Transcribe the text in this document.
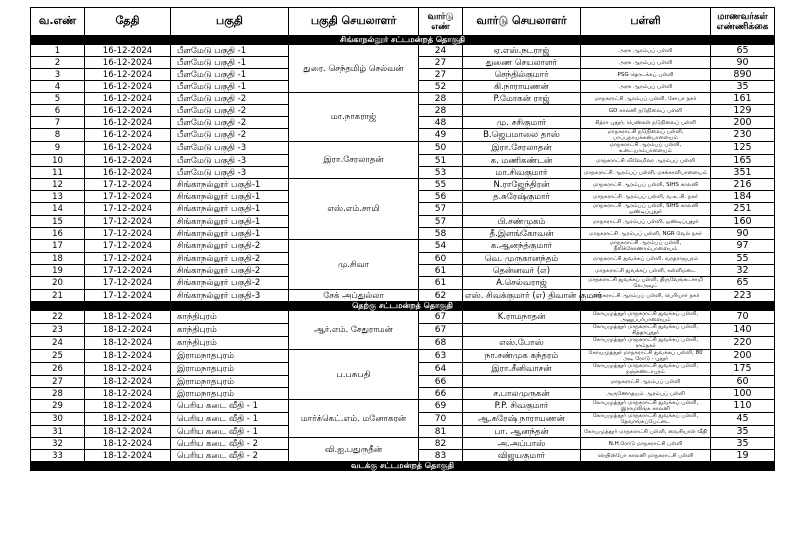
வ.எண்	தேதி	பகுதி	பகுதி செயலாளர்	வார்டு எண்	வார்டு செயலாளர்	பள்ளி	மாணவர்கள் எண்ணிக்கை
சிங்காநல்லூர் சட்டமன்றத் தொகுதி							
1	16-12-2024	பீளமேடு பகுதி -1	துரை. செந்தமிழ் செல்வன்	24	ஏ.எஸ்.நடராஜ்	அரசு ஆரம்பப் பள்ளி	65
2	16-12-2024	பீளமேடு பகுதி -1		27	துணை செயலாளர்	அரசு ஆரம்பப் பள்ளி	90
3	16-12-2024	பீளமேடு பகுதி -1		27	செந்தில்குமார்	PSG தொடக்கப் பள்ளி	890
4	16-12-2024	பீளமேடு பகுதி -1		52	கி.நாராயணன்	அரசு ஆரம்பப் பள்ளி	35
5	16-12-2024	பீளமேடு பகுதி -2	மா.நாகராஜ்	28	P.மோகன் ராஜ்	மாநகராட்சி ஆரம்பப் பள்ளி, சோபா நகர்	161
6	16-12-2024	பீளமேடு பகுதி -2		28		GD காலனி நடுநிலைப் பள்ளி	129
7	16-12-2024	பீளமேடு பகுதி -2		48	மு. சசிகுமார்	சித்ரா புதூர், பெண்கள் நடுநிலைப் பள்ளி	200
8	16-12-2024	பீளமேடு பகுதி -2		49	B.ஜெபமாலை தாஸ்	மாநகராட்சி நடுநிலைப் பள்ளி, பாப்பநாயக்கன்பாளையம்	230
9	16-12-2024	பீளமேடு பகுதி -3	இரா.சேரலாதன்	50	இரா.சேரலாதன்	மாநகராட்சி ஆரம்பப் பள்ளி, உடையாம்பாளையம்	125
10	16-12-2024	பீளமேடு பகுதி -3		51	க. மணிகண்டன்	மாநகராட்சி விலேமிலர ஆரம்பப் பள்ளி	165
11	16-12-2024	பீளமேடு பகுதி -3		53	மா.சிவகுமார்	மாநகராட்சி ஆரம்பப் பள்ளி, மசக்காளிபாளையம்	351
12	17-12-2024	சிங்காநல்லூர் பகுதி-1	எஸ்.எம்.சாமி	55	N.ராஜேந்திரன்	மாநகராட்சி ஆரம்பப் பள்ளி, SIHS காலனி	216
13	17-12-2024	சிங்காநல்லூர் பகுதி-1		56	த.சுரேஷ்குமார்	மாநகராட்சி ஆரம்பப் பள்ளி, வ.உ.சி. நகர்	184
14	17-12-2024	சிங்காநல்லூர் பகுதி-1		57		மாநகராட்சி ஆரம்பப் பள்ளி, SIHS காலனி ஒண்டிப்புதூர்	251
15	17-12-2024	சிங்காநல்லூர் பகுதி-1		57	பி.சண்முகம்	மாநகராட்சி ஆரம்பப் பள்ளி, ஒண்டிப்புதூர்	160
16	17-12-2024	சிங்காநல்லூர் பகுதி-1		58	தீ.இளங்கோவன்	மாநகராட்சி ஆரம்பப் பள்ளி, NGR வேல் நகர்	90
17	17-12-2024	சிங்காநல்லூர் பகுதி-2	மு.சிவா	54	க.ஆனந்த்குமார்	மாநகராட்சி ஆரம்பப் பள்ளி, நீலிக்கோணாம்பாளையம்	97
18	17-12-2024	சிங்காநல்லூர் பகுதி-2		60	வெ. முருகானந்தம்	மாநகராட்சி துவக்கப் பள்ளி, வரதராஜபுரம்	55
19	17-12-2024	சிங்காநல்லூர் பகுதி-2		61	தென்னவர் (எ)	மாநகராட்சி துவக்கப் பள்ளி, கள்ளிமடை	32
20	17-12-2024	சிங்காநல்லூர் பகுதி-2		61	A.செல்வராஜ்	மாநகராட்சி துவக்கப் பள்ளி, திருவேங்கடசாமி லேஅவுட்	65
21	17-12-2024	சிங்காநல்லூர் பகுதி-3	சேக் அப்துல்லா	62	எஸ். சிவக்குமார் (எ) திவான் குமார்	மாநகராட்சி ஆரம்பப் பள்ளி, பெரியார் நகர்	223
தெற்கு சட்டமன்றத் தொகுதி							
22	18-12-2024	காந்திபுரம்	ஆர்.எம். சேதுராமன்	67	K.ராமநாதன்	கோயமுத்தூர் மாநகராட்சி துவக்கப் பள்ளி, அனுப்பர்பாளையம்	70
23	18-12-2024	காந்திபுரம்		67		கோயமுத்தூர் மாநகராட்சி துவக்கப் பள்ளி, சித்தாபுதூர்	140
24	18-12-2024	காந்திபுரம்		68	எஸ்.போஸ்	கோயமுத்தூர் மாநகராட்சி துவக்கப் பள்ளி, ராம்நகர்	220
25	18-12-2024	இராமநாதபுரம்	ப.பசுபதி	63	நா.சண்முக சுந்தரம்	கோயமுத்தூர் மாநகராட்சி துவக்கப் பள்ளி, 80 அடி ரோடு - புதூர்	200
26	18-12-2024	இராமநாதபுரம்		64	இரா.சீனிவாசன்	கோயமுத்தூர் மாநகராட்சி துவக்கப் பள்ளி, நஞ்சுண்டாபுரம்	175
27	18-12-2024	இராமநாதபுரம்		66		மாநகராட்சி ஆரம்பப் பள்ளி	60
28	18-12-2024	இராமநாதபுரம்		66	ச.பாலமுருகன்	அருணோதயம் ஆரம்பப் பள்ளி	100
29	18-12-2024	பெரிய கடை வீதி - 1	மார்க்கெட்.எம். மனோகரன்	69	P.P. சிவகுமார்	கோயமுத்தூர் மாநகராட்சி துவக்கப் பள்ளி, இராமலிங்க காலனி	110
30	18-12-2024	பெரிய கடை வீதி - 1		70	ஆ.சுரேஷ் நாராயணன்	கோயமுத்தூர் மாநகராட்சி துவக்கப் பள்ளி, தேவாங்கப்பேட்டை	45
31	18-12-2024	பெரிய கடை வீதி - 1		81	பா. ஆனந்தன்	கோயமுத்தூர் மாநகராட்சி பள்ளி, வைசியாள் வீதி	35
32	18-12-2024	பெரிய கடை வீதி - 2	வி.ஐ.பதுருதீன்	82	அ.அப்பாஸ்	N.H.ரோடு மாநகராட்சி பள்ளி	35
33	18-12-2024	பெரிய கடை வீதி - 2		83	விஜயகுமார்	ரெயின்போ காலனி மாநகராட்சி பள்ளி	19
வடக்கு சட்டமன்றத் தொகுதி							
